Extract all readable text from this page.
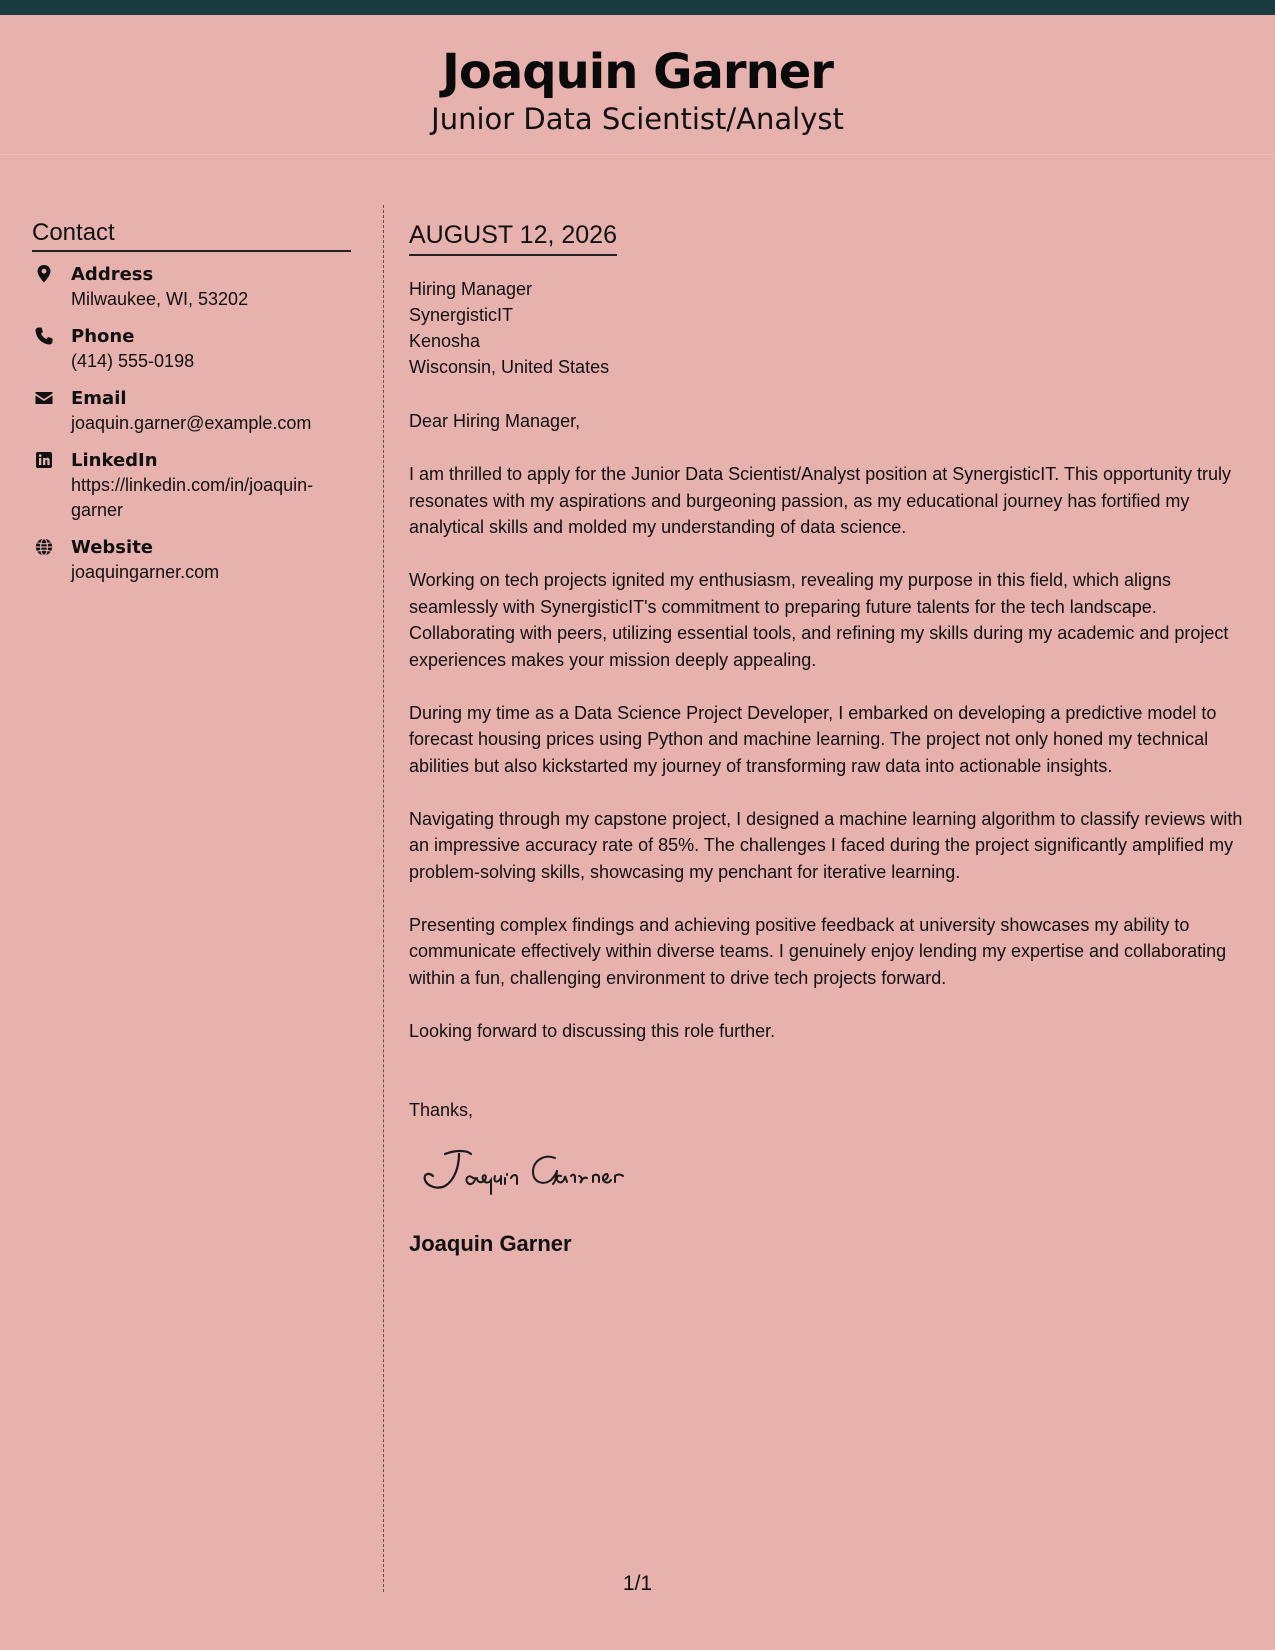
Joaquin Garner
Junior Data Scientist/Analyst
Contact
Address
Milwaukee, WI, 53202
Phone
(414) 555-0198
Email
joaquin.garner@example.com
LinkedIn
https://linkedin.com/in/joaquin-garner
Website
joaquingarner.com
AUGUST 12, 2026
Hiring Manager
SynergisticIT
Kenosha
Wisconsin, United States
Dear Hiring Manager,

I am thrilled to apply for the Junior Data Scientist/Analyst position at SynergisticIT. This opportunity truly resonates with my aspirations and burgeoning passion, as my educational journey has fortified my analytical skills and molded my understanding of data science.

Working on tech projects ignited my enthusiasm, revealing my purpose in this field, which aligns seamlessly with SynergisticIT's commitment to preparing future talents for the tech landscape. Collaborating with peers, utilizing essential tools, and refining my skills during my academic and project experiences makes your mission deeply appealing.

During my time as a Data Science Project Developer, I embarked on developing a predictive model to forecast housing prices using Python and machine learning. The project not only honed my technical abilities but also kickstarted my journey of transforming raw data into actionable insights.

Navigating through my capstone project, I designed a machine learning algorithm to classify reviews with an impressive accuracy rate of 85%. The challenges I faced during the project significantly amplified my problem-solving skills, showcasing my penchant for iterative learning.

Presenting complex findings and achieving positive feedback at university showcases my ability to communicate effectively within diverse teams. I genuinely enjoy lending my expertise and collaborating within a fun, challenging environment to drive tech projects forward.

Looking forward to discussing this role further.

Thanks,
Joaquin Garner
1/1
